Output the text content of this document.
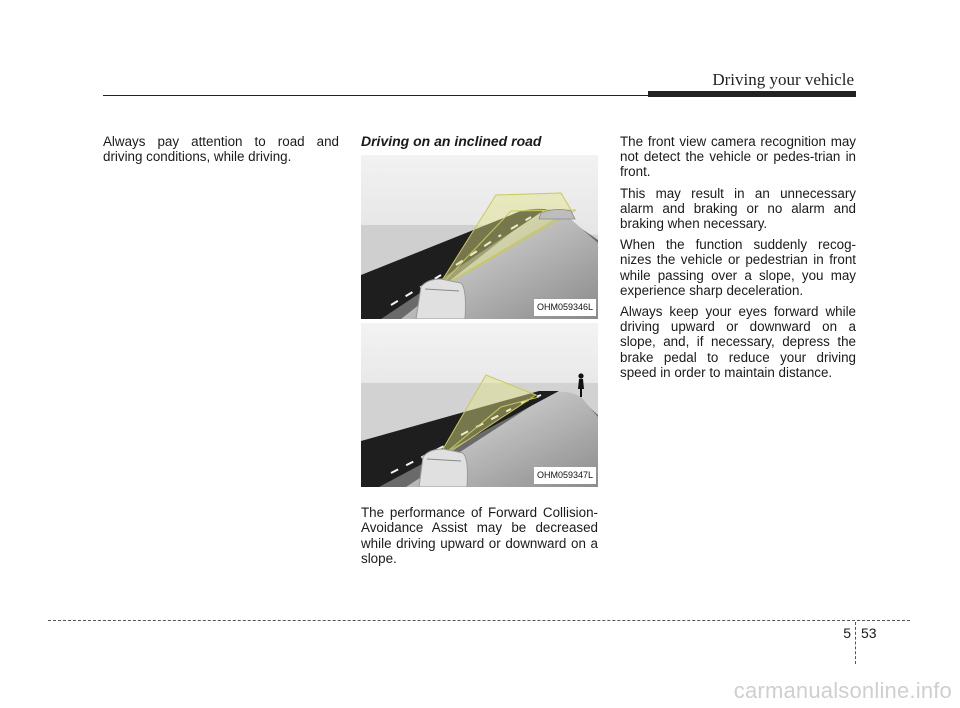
Driving your vehicle

Always pay attention to road and driving conditions, while driving.

Driving on an inclined road

OHM059346L
OHM059347L

The performance of Forward Collision-Avoidance Assist may be decreased while driving upward or downward on a slope.

The front view camera recognition may not detect the vehicle or pedes-trian in front.

This may result in an unnecessary alarm and braking or no alarm and braking when necessary.

When the function suddenly recog-nizes the vehicle or pedestrian in front while passing over a slope, you may experience sharp deceleration.

Always keep your eyes forward while driving upward or downward on a slope, and, if necessary, depress the brake pedal to reduce your driving speed in order to maintain distance.

5 53
carmanualsonline.info
